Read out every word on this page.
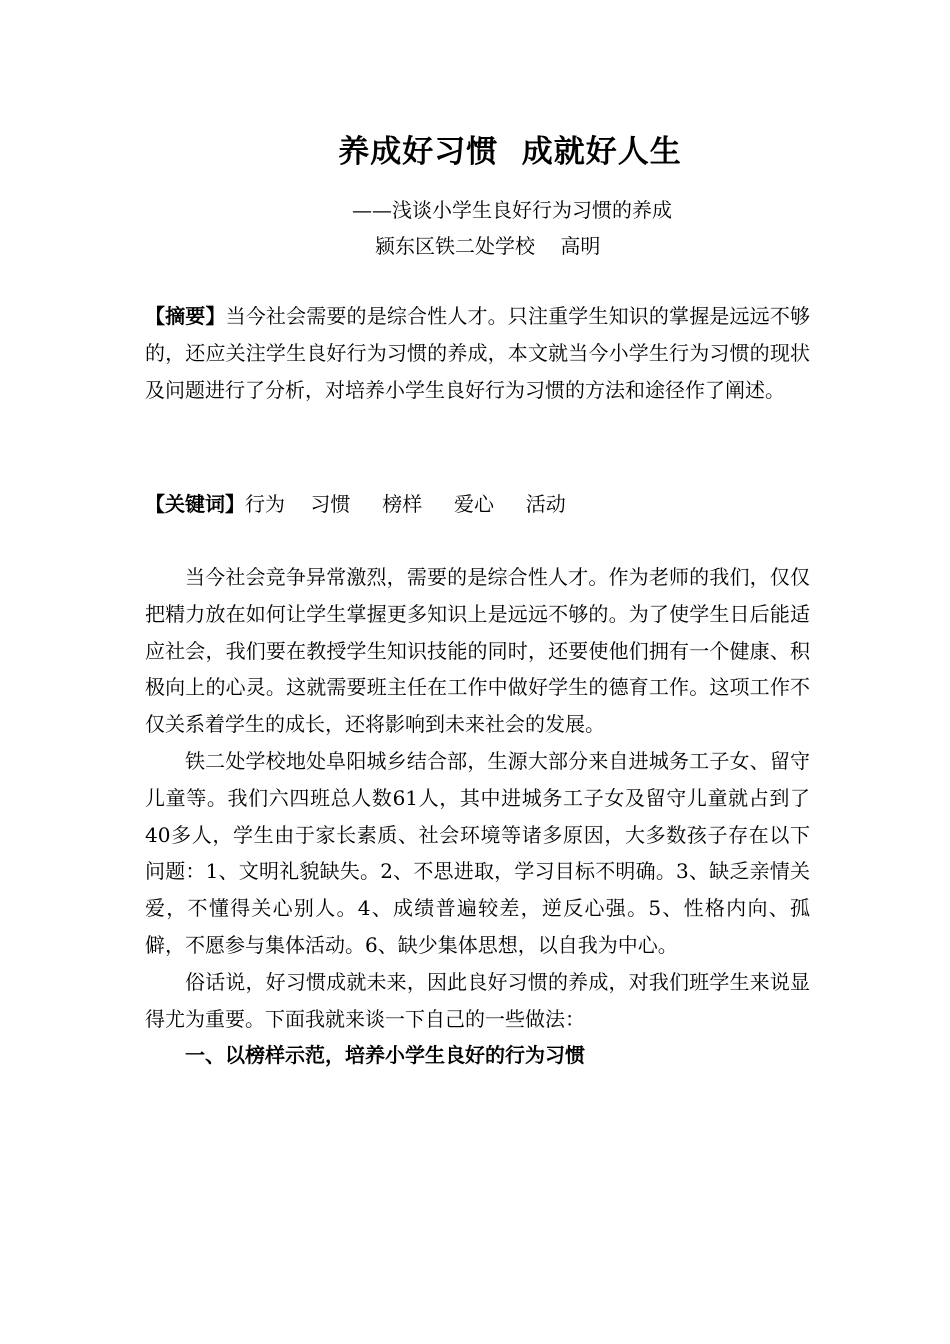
养成好习惯  成就好人生
——浅谈小学生良好行为习惯的养成
颍东区铁二处学校    高明
【摘要】当今社会需要的是综合性人才。只注重学生知识的掌握是远远不够的，还应关注学生良好行为习惯的养成，本文就当今小学生行为习惯的现状及问题进行了分析，对培养小学生良好行为习惯的方法和途径作了阐述。
【关键词】行为    习惯     榜样     爱心     活动

当今社会竞争异常激烈，需要的是综合性人才。作为老师的我们，仅仅把精力放在如何让学生掌握更多知识上是远远不够的。为了使学生日后能适应社会，我们要在教授学生知识技能的同时，还要使他们拥有一个健康、积极向上的心灵。这就需要班主任在工作中做好学生的德育工作。这项工作不仅关系着学生的成长，还将影响到未来社会的发展。

铁二处学校地处阜阳城乡结合部，生源大部分来自进城务工子女、留守儿童等。我们六四班总人数61人，其中进城务工子女及留守儿童就占到了40多人，学生由于家长素质、社会环境等诸多原因，大多数孩子存在以下问题：1、文明礼貌缺失。2、不思进取，学习目标不明确。3、缺乏亲情关爱，不懂得关心别人。4、成绩普遍较差，逆反心强。5、性格内向、孤僻，不愿参与集体活动。6、缺少集体思想，以自我为中心。

俗话说，好习惯成就未来，因此良好习惯的养成，对我们班学生来说显得尤为重要。下面我就来谈一下自己的一些做法：

一、以榜样示范，培养小学生良好的行为习惯
